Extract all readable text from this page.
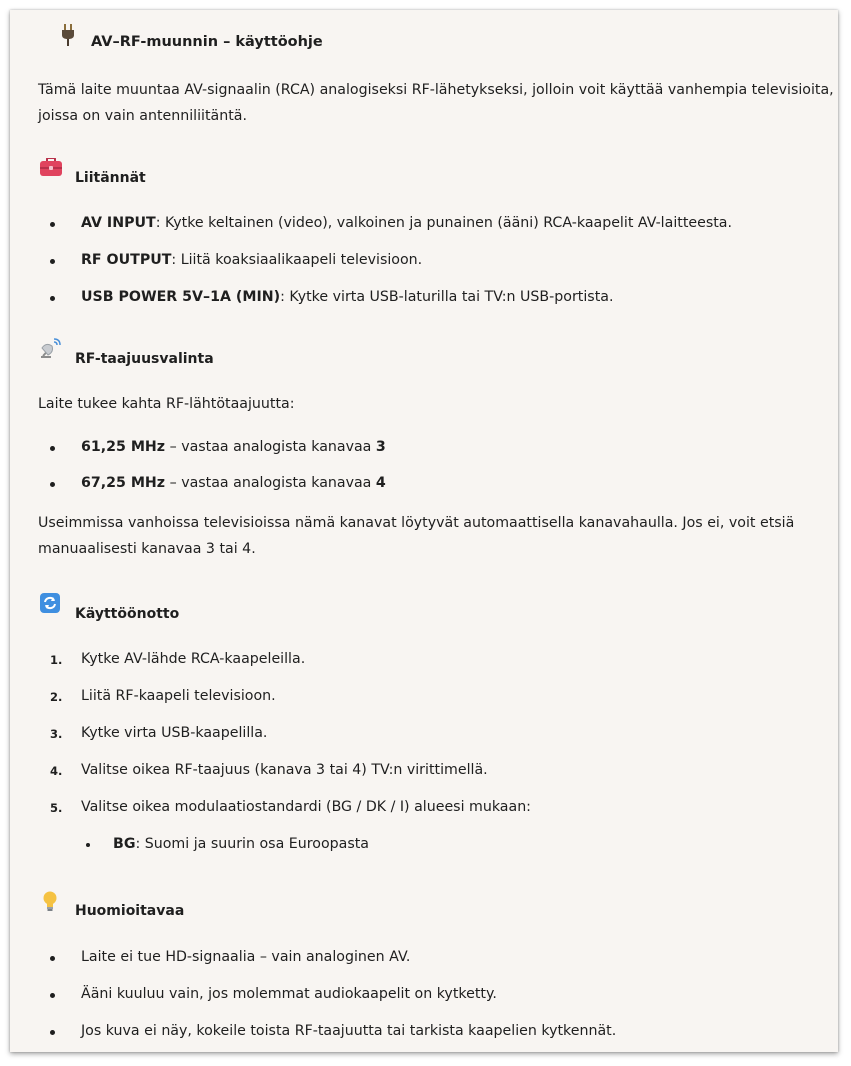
AV–RF-muunnin – käyttöohje
Tämä laite muuntaa AV-signaalin (RCA) analogiseksi RF-lähetykseksi, jolloin voit käyttää vanhempia televisioita, joissa on vain antenniliitäntä.
Liitännät
AV INPUT: Kytke keltainen (video), valkoinen ja punainen (ääni) RCA-kaapelit AV-laitteesta.
RF OUTPUT: Liitä koaksiaalikaapeli televisioon.
USB POWER 5V–1A (MIN): Kytke virta USB-laturilla tai TV:n USB-portista.
RF-taajuusvalinta
Laite tukee kahta RF-lähtötaajuutta:
61,25 MHz – vastaa analogista kanavaa 3
67,25 MHz – vastaa analogista kanavaa 4
Useimmissa vanhoissa televisioissa nämä kanavat löytyvät automaattisella kanavahaulla. Jos ei, voit etsiä manuaalisesti kanavaa 3 tai 4.
Käyttöönotto
1. Kytke AV-lähde RCA-kaapeleilla.
2. Liitä RF-kaapeli televisioon.
3. Kytke virta USB-kaapelilla.
4. Valitse oikea RF-taajuus (kanava 3 tai 4) TV:n virittimellä.
5. Valitse oikea modulaatiostandardi (BG / DK / I) alueesi mukaan:
BG: Suomi ja suurin osa Euroopasta
Huomioitavaa
Laite ei tue HD-signaalia – vain analoginen AV.
Ääni kuuluu vain, jos molemmat audiokaapelit on kytketty.
Jos kuva ei näy, kokeile toista RF-taajuutta tai tarkista kaapelien kytkennät.
